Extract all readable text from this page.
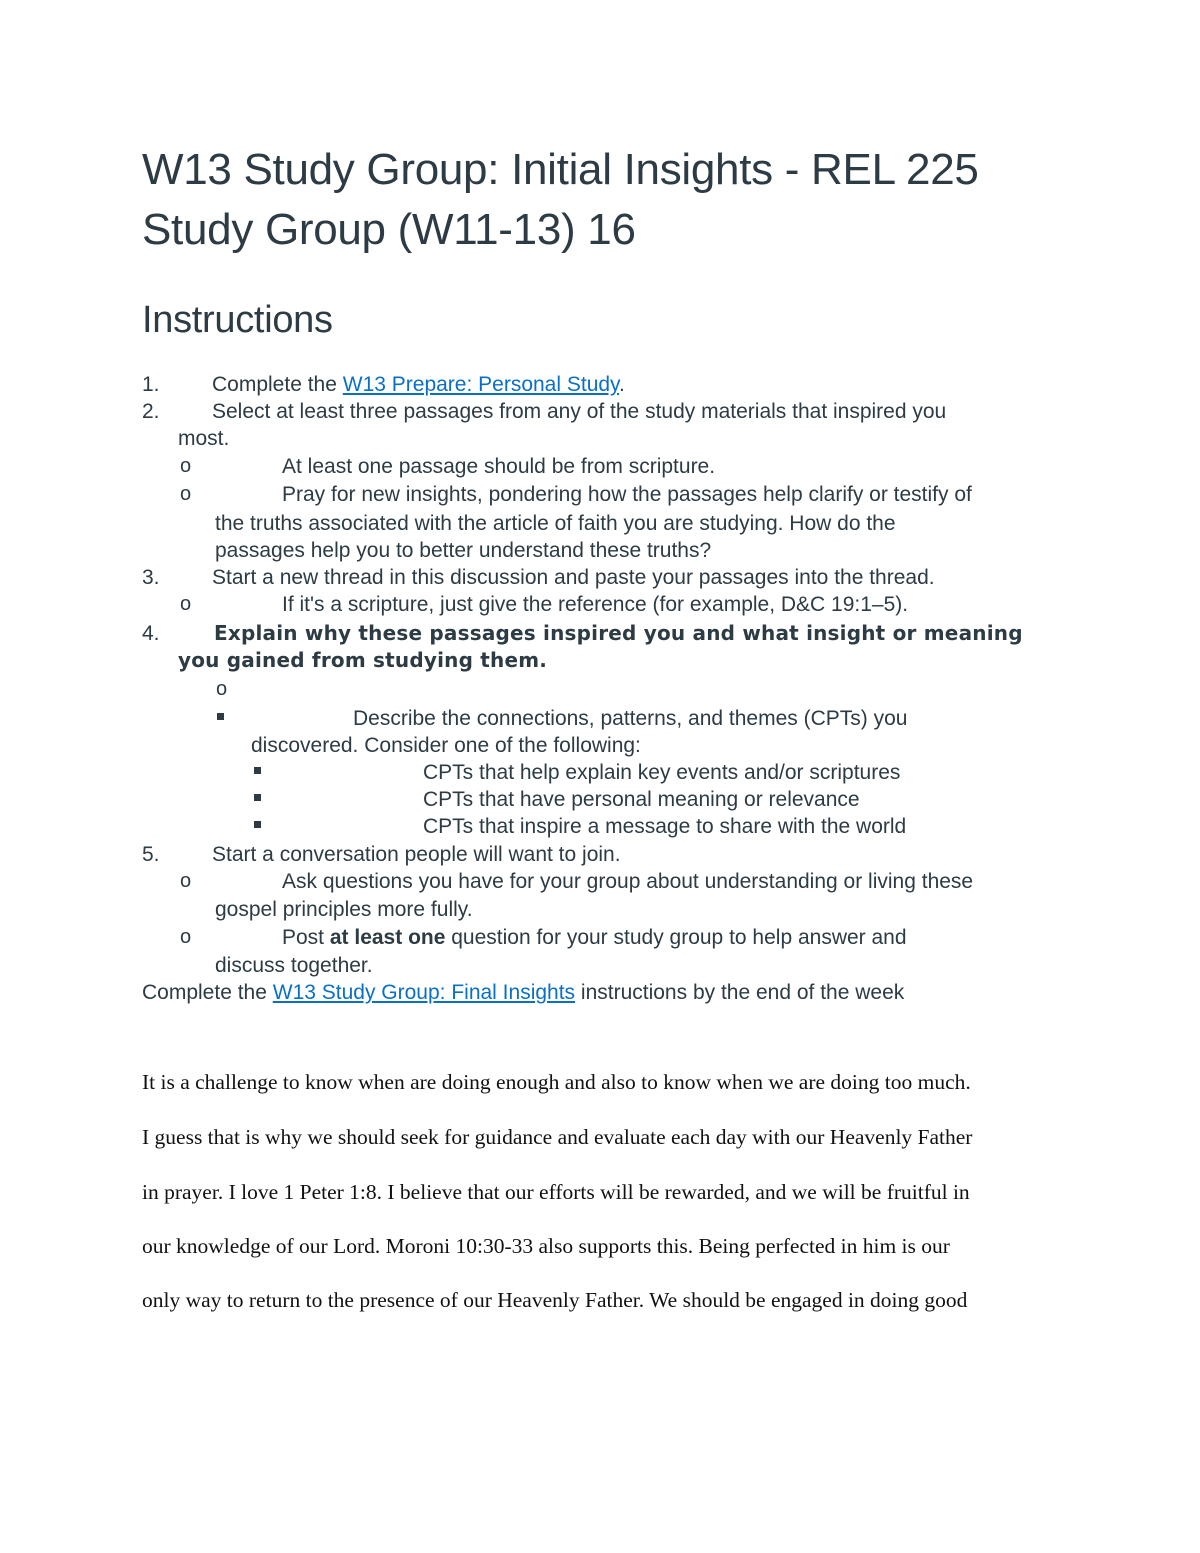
W13 Study Group: Initial Insights - REL 225
Study Group (W11-13) 16
Instructions
1. Complete the W13 Prepare: Personal Study.
2. Select at least three passages from any of the study materials that inspired you
most.
o	At least one passage should be from scripture.
o	Pray for new insights, pondering how the passages help clarify or testify of
the truths associated with the article of faith you are studying. How do the
passages help you to better understand these truths?
3. Start a new thread in this discussion and paste your passages into the thread.
o	If it's a scripture, just give the reference (for example, D&C 19:1–5).
4.	Explain why these passages inspired you and what insight or meaning
you gained from studying them.
o
Describe the connections, patterns, and themes (CPTs) you
discovered. Consider one of the following:
CPTs that help explain key events and/or scriptures
CPTs that have personal meaning or relevance
CPTs that inspire a message to share with the world
5. Start a conversation people will want to join.
o	Ask questions you have for your group about understanding or living these
gospel principles more fully.
o	Post at least one question for your study group to help answer and
discuss together.
Complete the W13 Study Group: Final Insights instructions by the end of the week
It is a challenge to know when are doing enough and also to know when we are doing too much.
I guess that is why we should seek for guidance and evaluate each day with our Heavenly Father
in prayer. I love 1 Peter 1:8. I believe that our efforts will be rewarded, and we will be fruitful in
our knowledge of our Lord. Moroni 10:30-33 also supports this. Being perfected in him is our
only way to return to the presence of our Heavenly Father. We should be engaged in doing good
